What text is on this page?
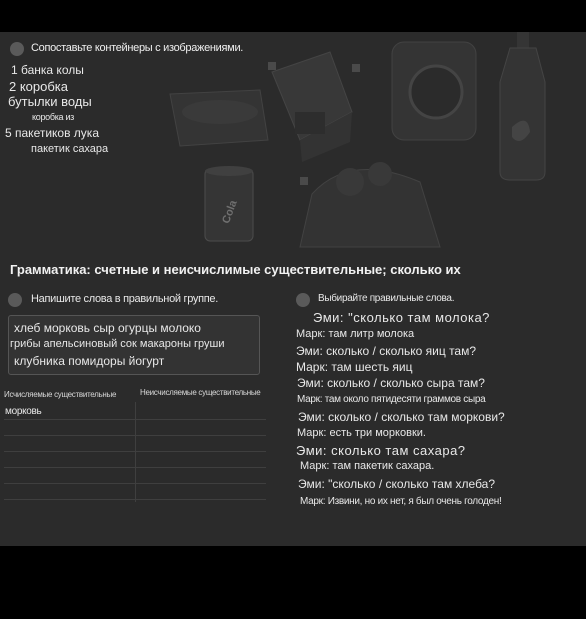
Сопоставьте контейнеры с изображениями.
1 банка колы
2 коробка
бутылки воды
коробка из
5 пакетиков лука
пакетик сахара
Cola
Грамматика: счетные и неисчислимые существительные; сколько их
Напишите слова в правильной группе.
хлеб морковь сыр огурцы молоко
грибы апельсиновый сок макароны груши
клубника помидоры йогурт
Исчисляемые существительные	Неисчисляемые существительные
морковь
Выбирайте правильные слова.
Эми: "сколько там молока?
Марк: там литр молока
Эми: сколько / сколько яиц там?
Марк: там шесть яиц
Эми: сколько / сколько сыра там?
Марк: там около пятидесяти граммов сыра
Эми: сколько / сколько там моркови?
Марк: есть три морковки.
Эми: сколько там сахара?
Марк: там пакетик сахара.
Эми: "сколько / сколько там хлеба?
Марк: Извини, но их нет, я был очень голоден!
